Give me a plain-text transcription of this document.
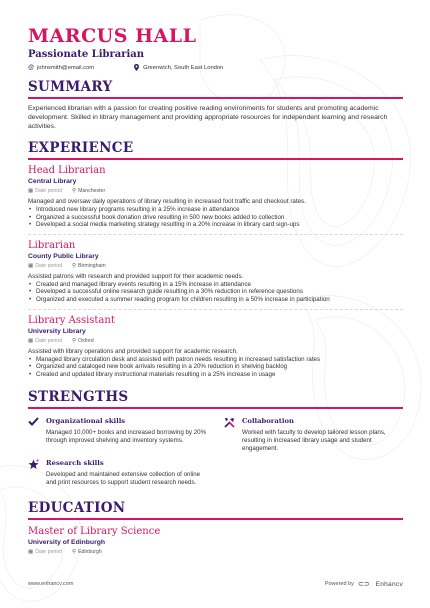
MARCUS HALL
Passionate Librarian
@ johnsmith@email.com	Greenwich, South East London
SUMMARY
Experienced librarian with a passion for creating positive reading environments for students and promoting academic development. Skilled in library management and providing appropriate resources for independent learning and research activities.
EXPERIENCE
Head Librarian
Central Library
▦ Date period ⚲ Manchester
Managed and oversaw daily operations of library resulting in increased foot traffic and checkout rates.
• Introduced new library programs resulting in a 25% increase in attendance
• Organized a successful book donation drive resulting in 500 new books added to collection
• Developed a social media marketing strategy resulting in a 20% increase in library card sign-ups
Librarian
County Public Library
▦ Date period ⚲ Birmingham
Assisted patrons with research and provided support for their academic needs.
• Created and managed library events resulting in a 15% increase in attendance
• Developed a successful online research guide resulting in a 30% reduction in reference questions
• Organized and executed a summer reading program for children resulting in a 50% increase in participation
Library Assistant
University Library
▦ Date period ⚲ Oxford
Assisted with library operations and provided support for academic research.
• Managed library circulation desk and assisted with patron needs resulting in increased satisfaction rates
• Organized and cataloged new book arrivals resulting in a 20% reduction in shelving backlog
• Created and updated library instructional materials resulting in a 25% increase in usage
STRENGTHS
Organizational skills
Managed 10,000+ books and increased borrowing by 20% through improved shelving and inventory systems.
Collaboration
Worked with faculty to develop tailored lesson plans, resulting in increased library usage and student engagement.
Research skills
Developed and maintained extensive collection of online and print resources to support student research needs.
EDUCATION
Master of Library Science
University of Edinburgh
▦ Date period ⚲ Edinburgh
www.enhancv.com	Powered by ⊂⊃ Enhancv
